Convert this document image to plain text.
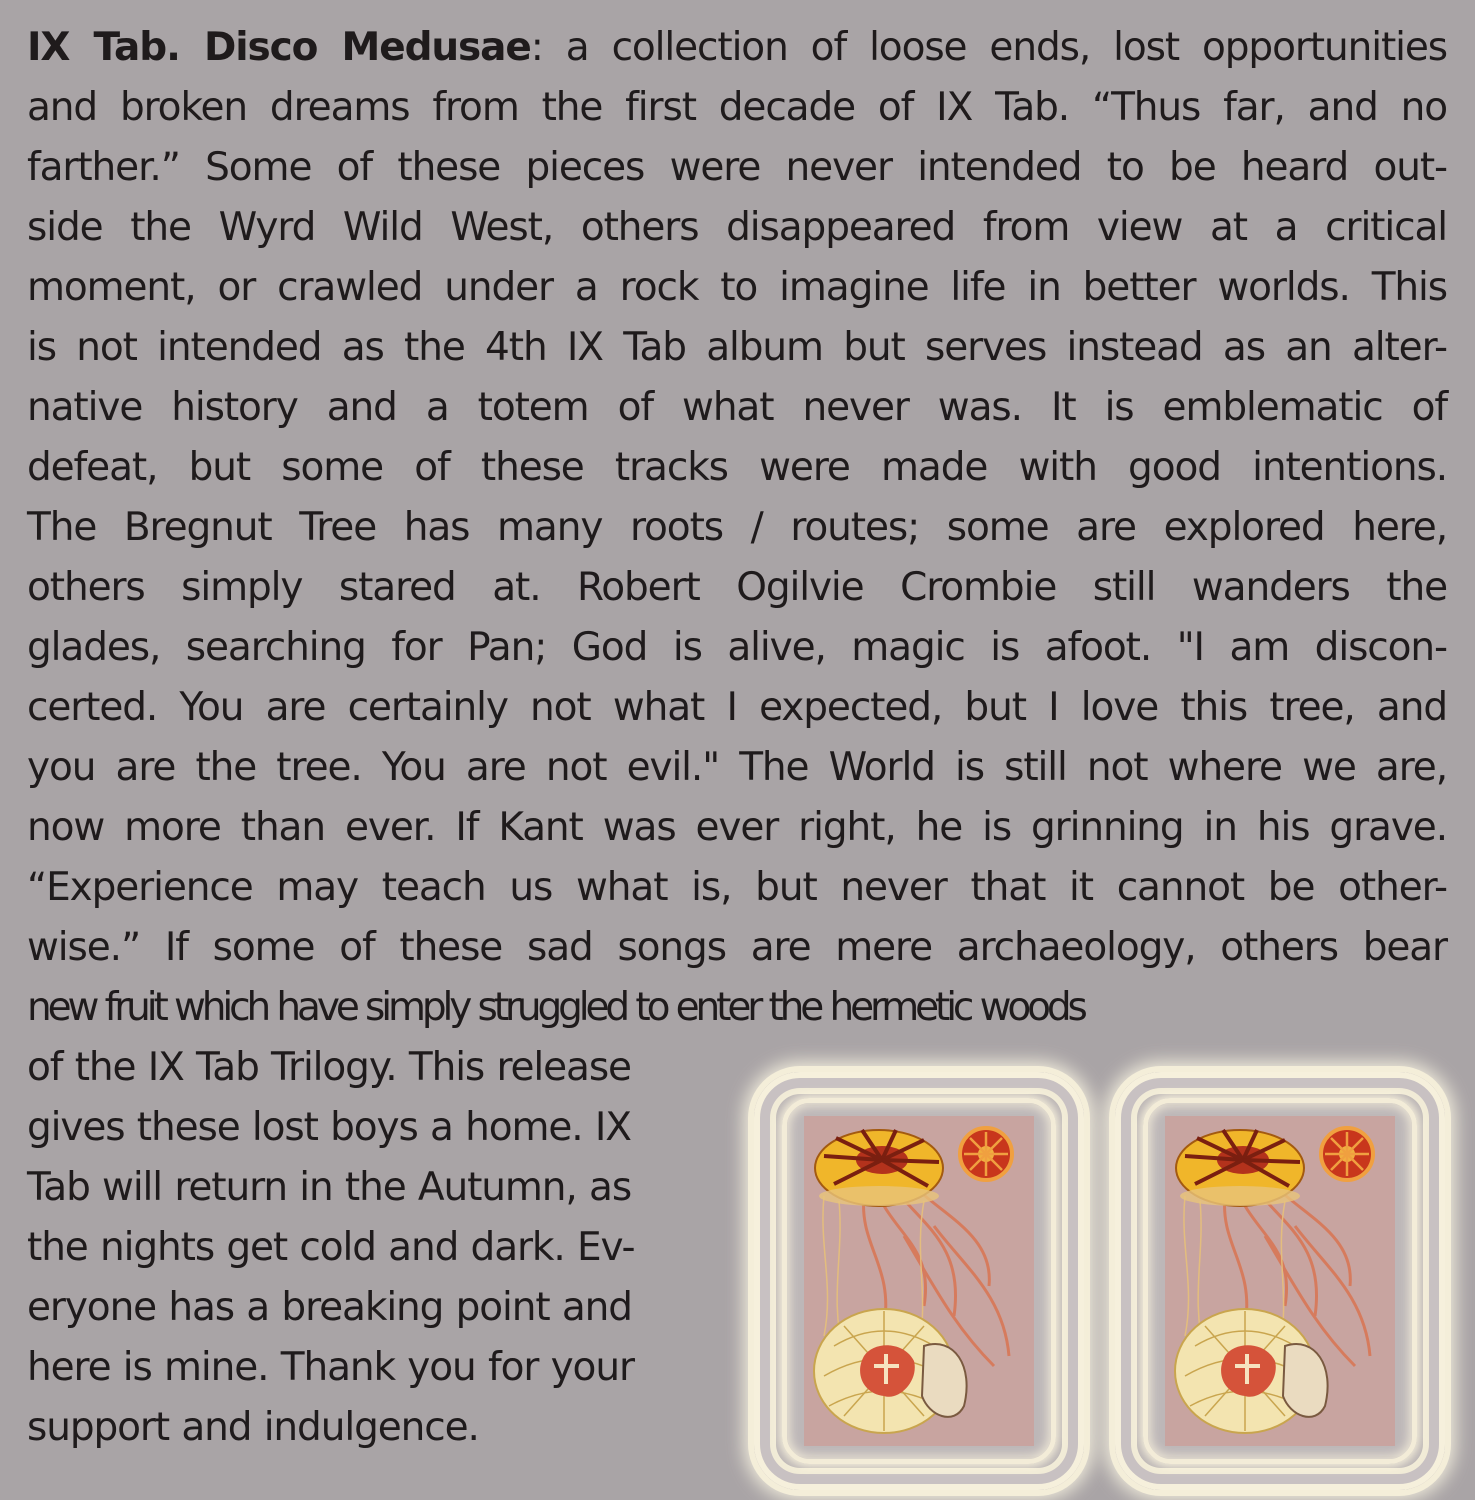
IX Tab. Disco Medusae: a collection of loose ends, lost opportunities
and broken dreams from the first decade of IX Tab. “Thus far, and no
farther.” Some of these pieces were never intended to be heard out-
side the Wyrd Wild West, others disappeared from view at a critical
moment, or crawled under a rock to imagine life in better worlds. This
is not intended as the 4th IX Tab album but serves instead as an alter-
native history and a totem of what never was. It is emblematic of
defeat, but some of these tracks were made with good intentions.
The Bregnut Tree has many roots / routes; some are explored here,
others simply stared at. Robert Ogilvie Crombie still wanders the
glades, searching for Pan; God is alive, magic is afoot. "I am discon-
certed. You are certainly not what I expected, but I love this tree, and
you are the tree. You are not evil." The World is still not where we are,
now more than ever. If Kant was ever right, he is grinning in his grave.
“Experience may teach us what is, but never that it cannot be other-
wise.” If some of these sad songs are mere archaeology, others bear
new fruit which have simply struggled to enter the hermetic woods
of the IX Tab Trilogy. This release
gives these lost boys a home. IX
Tab will return in the Autumn, as
the nights get cold and dark. Ev-
eryone has a breaking point and
here is mine. Thank you for your
support and indulgence.
